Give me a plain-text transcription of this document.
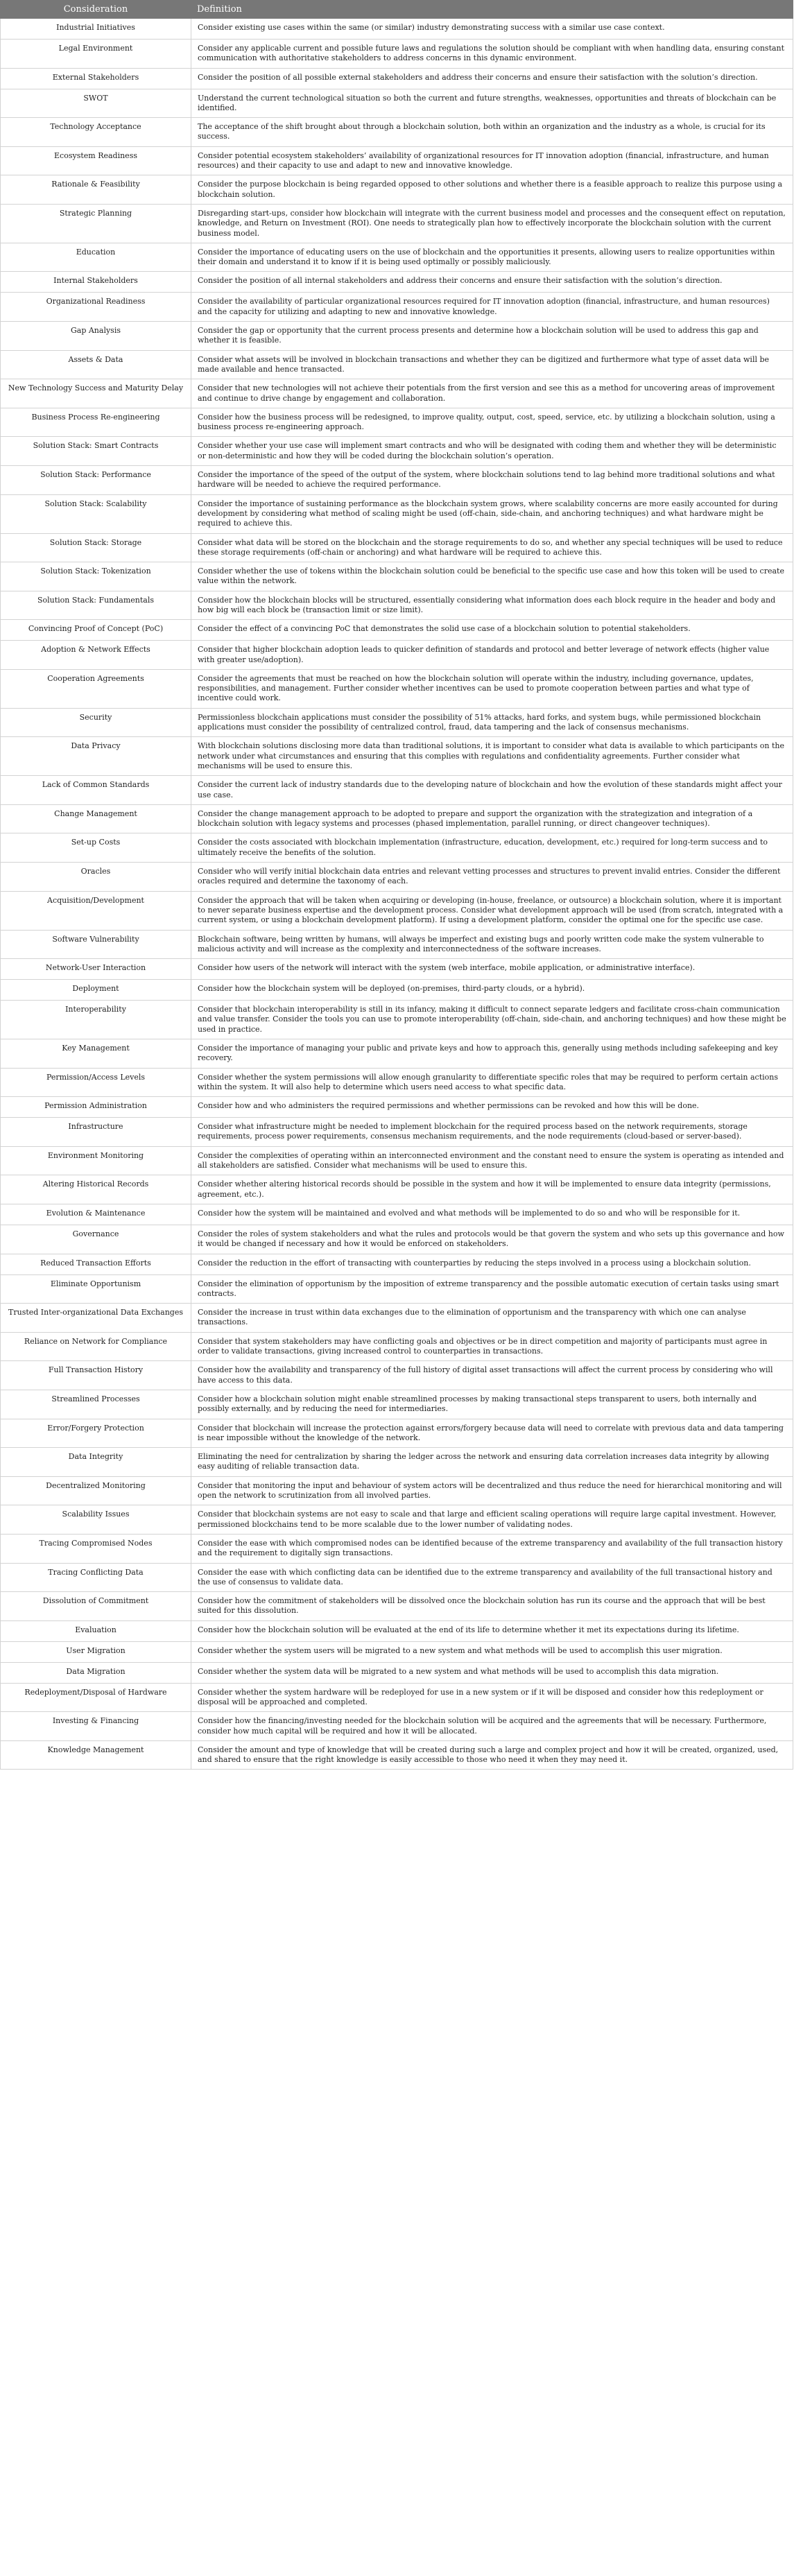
Consideration	Definition
Industrial Initiatives	Consider existing use cases within the same (or similar) industry demonstrating success with a similar use case context.
Legal Environment	Consider any applicable current and possible future laws and regulations the solution should be compliant with when handling data, ensuring constant communication with authoritative stakeholders to address concerns in this dynamic environment.
External Stakeholders	Consider the position of all possible external stakeholders and address their concerns and ensure their satisfaction with the solution’s direction.
SWOT	Understand the current technological situation so both the current and future strengths, weaknesses, opportunities and threats of blockchain can be identified.
Technology Acceptance	The acceptance of the shift brought about through a blockchain solution, both within an organization and the industry as a whole, is crucial for its success.
Ecosystem Readiness	Consider potential ecosystem stakeholders’ availability of organizational resources for IT innovation adoption (financial, infrastructure, and human resources) and their capacity to use and adapt to new and innovative knowledge.
Rationale & Feasibility	Consider the purpose blockchain is being regarded opposed to other solutions and whether there is a feasible approach to realize this purpose using a blockchain solution.
Strategic Planning	Disregarding start-ups, consider how blockchain will integrate with the current business model and processes and the consequent effect on reputation, knowledge, and Return on Investment (ROI). One needs to strategically plan how to effectively incorporate the blockchain solution with the current business model.
Education	Consider the importance of educating users on the use of blockchain and the opportunities it presents, allowing users to realize opportunities within their domain and understand it to know if it is being used optimally or possibly maliciously.
Internal Stakeholders	Consider the position of all internal stakeholders and address their concerns and ensure their satisfaction with the solution’s direction.
Organizational Readiness	Consider the availability of particular organizational resources required for IT innovation adoption (financial, infrastructure, and human resources) and the capacity for utilizing and adapting to new and innovative knowledge.
Gap Analysis	Consider the gap or opportunity that the current process presents and determine how a blockchain solution will be used to address this gap and whether it is feasible.
Assets & Data	Consider what assets will be involved in blockchain transactions and whether they can be digitized and furthermore what type of asset data will be made available and hence transacted.
New Technology Success and Maturity Delay	Consider that new technologies will not achieve their potentials from the first version and see this as a method for uncovering areas of improvement and continue to drive change by engagement and collaboration.
Business Process Re-engineering	Consider how the business process will be redesigned, to improve quality, output, cost, speed, service, etc. by utilizing a blockchain solution, using a business process re-engineering approach.
Solution Stack: Smart Contracts	Consider whether your use case will implement smart contracts and who will be designated with coding them and whether they will be deterministic or non-deterministic and how they will be coded during the blockchain solution’s operation.
Solution Stack: Performance	Consider the importance of the speed of the output of the system, where blockchain solutions tend to lag behind more traditional solutions and what hardware will be needed to achieve the required performance.
Solution Stack: Scalability	Consider the importance of sustaining performance as the blockchain system grows, where scalability concerns are more easily accounted for during development by considering what method of scaling might be used (off-chain, side-chain, and anchoring techniques) and what hardware might be required to achieve this.
Solution Stack: Storage	Consider what data will be stored on the blockchain and the storage requirements to do so, and whether any special techniques will be used to reduce these storage requirements (off-chain or anchoring) and what hardware will be required to achieve this.
Solution Stack: Tokenization	Consider whether the use of tokens within the blockchain solution could be beneficial to the specific use case and how this token will be used to create value within the network.
Solution Stack: Fundamentals	Consider how the blockchain blocks will be structured, essentially considering what information does each block require in the header and body and how big will each block be (transaction limit or size limit).
Convincing Proof of Concept (PoC)	Consider the effect of a convincing PoC that demonstrates the solid use case of a blockchain solution to potential stakeholders.
Adoption & Network Effects	Consider that higher blockchain adoption leads to quicker definition of standards and protocol and better leverage of network effects (higher value with greater use/adoption).
Cooperation Agreements	Consider the agreements that must be reached on how the blockchain solution will operate within the industry, including governance, updates, responsibilities, and management. Further consider whether incentives can be used to promote cooperation between parties and what type of incentive could work.
Security	Permissionless blockchain applications must consider the possibility of 51% attacks, hard forks, and system bugs, while permissioned blockchain applications must consider the possibility of centralized control, fraud, data tampering and the lack of consensus mechanisms.
Data Privacy	With blockchain solutions disclosing more data than traditional solutions, it is important to consider what data is available to which participants on the network under what circumstances and ensuring that this complies with regulations and confidentiality agreements. Further consider what mechanisms will be used to ensure this.
Lack of Common Standards	Consider the current lack of industry standards due to the developing nature of blockchain and how the evolution of these standards might affect your use case.
Change Management	Consider the change management approach to be adopted to prepare and support the organization with the strategization and integration of a blockchain solution with legacy systems and processes (phased implementation, parallel running, or direct changeover techniques).
Set-up Costs	Consider the costs associated with blockchain implementation (infrastructure, education, development, etc.) required for long-term success and to ultimately receive the benefits of the solution.
Oracles	Consider who will verify initial blockchain data entries and relevant vetting processes and structures to prevent invalid entries. Consider the different oracles required and determine the taxonomy of each.
Acquisition/Development	Consider the approach that will be taken when acquiring or developing (in-house, freelance, or outsource) a blockchain solution, where it is important to never separate business expertise and the development process. Consider what development approach will be used (from scratch, integrated with a current system, or using a blockchain development platform). If using a development platform, consider the optimal one for the specific use case.
Software Vulnerability	Blockchain software, being written by humans, will always be imperfect and existing bugs and poorly written code make the system vulnerable to malicious activity and will increase as the complexity and interconnectedness of the software increases.
Network-User Interaction	Consider how users of the network will interact with the system (web interface, mobile application, or administrative interface).
Deployment	Consider how the blockchain system will be deployed (on-premises, third-party clouds, or a hybrid).
Interoperability	Consider that blockchain interoperability is still in its infancy, making it difficult to connect separate ledgers and facilitate cross-chain communication and value transfer. Consider the tools you can use to promote interoperability (off-chain, side-chain, and anchoring techniques) and how these might be used in practice.
Key Management	Consider the importance of managing your public and private keys and how to approach this, generally using methods including safekeeping and key recovery.
Permission/Access Levels	Consider whether the system permissions will allow enough granularity to differentiate specific roles that may be required to perform certain actions within the system. It will also help to determine which users need access to what specific data.
Permission Administration	Consider how and who administers the required permissions and whether permissions can be revoked and how this will be done.
Infrastructure	Consider what infrastructure might be needed to implement blockchain for the required process based on the network requirements, storage requirements, process power requirements, consensus mechanism requirements, and the node requirements (cloud-based or server-based).
Environment Monitoring	Consider the complexities of operating within an interconnected environment and the constant need to ensure the system is operating as intended and all stakeholders are satisfied. Consider what mechanisms will be used to ensure this.
Altering Historical Records	Consider whether altering historical records should be possible in the system and how it will be implemented to ensure data integrity (permissions, agreement, etc.).
Evolution & Maintenance	Consider how the system will be maintained and evolved and what methods will be implemented to do so and who will be responsible for it.
Governance	Consider the roles of system stakeholders and what the rules and protocols would be that govern the system and who sets up this governance and how it would be changed if necessary and how it would be enforced on stakeholders.
Reduced Transaction Efforts	Consider the reduction in the effort of transacting with counterparties by reducing the steps involved in a process using a blockchain solution.
Eliminate Opportunism	Consider the elimination of opportunism by the imposition of extreme transparency and the possible automatic execution of certain tasks using smart contracts.
Trusted Inter-organizational Data Exchanges	Consider the increase in trust within data exchanges due to the elimination of opportunism and the transparency with which one can analyse transactions.
Reliance on Network for Compliance	Consider that system stakeholders may have conflicting goals and objectives or be in direct competition and majority of participants must agree in order to validate transactions, giving increased control to counterparties in transactions.
Full Transaction History	Consider how the availability and transparency of the full history of digital asset transactions will affect the current process by considering who will have access to this data.
Streamlined Processes	Consider how a blockchain solution might enable streamlined processes by making transactional steps transparent to users, both internally and possibly externally, and by reducing the need for intermediaries.
Error/Forgery Protection	Consider that blockchain will increase the protection against errors/forgery because data will need to correlate with previous data and data tampering is near impossible without the knowledge of the network.
Data Integrity	Eliminating the need for centralization by sharing the ledger across the network and ensuring data correlation increases data integrity by allowing easy auditing of reliable transaction data.
Decentralized Monitoring	Consider that monitoring the input and behaviour of system actors will be decentralized and thus reduce the need for hierarchical monitoring and will open the network to scrutinization from all involved parties.
Scalability Issues	Consider that blockchain systems are not easy to scale and that large and efficient scaling operations will require large capital investment. However, permissioned blockchains tend to be more scalable due to the lower number of validating nodes.
Tracing Compromised Nodes	Consider the ease with which compromised nodes can be identified because of the extreme transparency and availability of the full transaction history and the requirement to digitally sign transactions.
Tracing Conflicting Data	Consider the ease with which conflicting data can be identified due to the extreme transparency and availability of the full transactional history and the use of consensus to validate data.
Dissolution of Commitment	Consider how the commitment of stakeholders will be dissolved once the blockchain solution has run its course and the approach that will be best suited for this dissolution.
Evaluation	Consider how the blockchain solution will be evaluated at the end of its life to determine whether it met its expectations during its lifetime.
User Migration	Consider whether the system users will be migrated to a new system and what methods will be used to accomplish this user migration.
Data Migration	Consider whether the system data will be migrated to a new system and what methods will be used to accomplish this data migration.
Redeployment/Disposal of Hardware	Consider whether the system hardware will be redeployed for use in a new system or if it will be disposed and consider how this redeployment or disposal will be approached and completed.
Investing & Financing	Consider how the financing/investing needed for the blockchain solution will be acquired and the agreements that will be necessary. Furthermore, consider how much capital will be required and how it will be allocated.
Knowledge Management	Consider the amount and type of knowledge that will be created during such a large and complex project and how it will be created, organized, used, and shared to ensure that the right knowledge is easily accessible to those who need it when they may need it.
